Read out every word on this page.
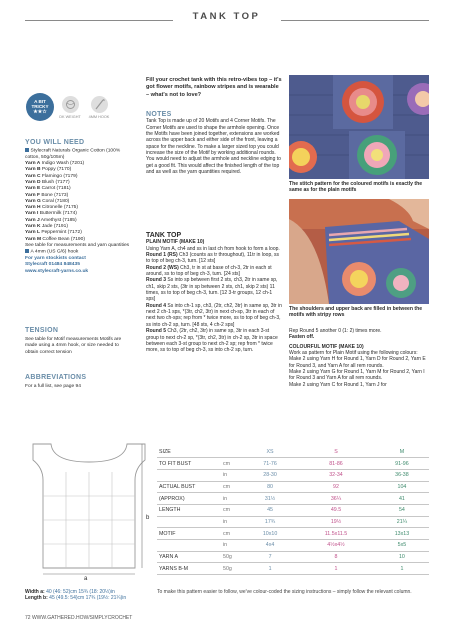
TANK TOP
A BIT
TRICKY
★★☆
DK WEIGHT	4MM HOOK
YOU WILL NEED
Stylecraft Naturals Organic Cotton (100% cotton, 50g/105m)
Yarn A Indigo Wash (7201)
Yarn B Poppy (7170)
Yarn C Flamingo (7179)
Yarn D Blush (7177)
Yarn E Carrot (7181)
Yarn F Bone (7173)
Yarn G Coral (7180)
Yarn H Citronelle (7175)
Yarn I Buttermilk (7174)
Yarn J Amethyst (7185)
Yarn K Jade (7191)
Yarn L Peppermint (7172)
Yarn M Coffee Bean (7190)
See table for measurements and yarn quantities
A 4mm (US G/6) hook
For yarn stockists contact
Stylecraft 01484 848435
www.stylecraft-yarns.co.uk
TENSION
See table for Motif measurements Motifs are made using a 4mm hook, or size needed to obtain correct tension
ABBREVIATIONS
For a full list, see page 94
a
b
Width a: 40 (46: 52)cm 15¾ (18: 20½)in
Length b: 45 (49.5: 54)cm 17¾ (19½: 21¼)in
Fill your crochet tank with this retro-vibes top – it's got flower motifs, rainbow stripes and is wearable – what's not to love?
NOTES
Tank Top is made up of 20 Motifs and 4 Corner Motifs. The Corner Motifs are used to shape the armhole opening. Once the Motifs have been joined together, extensions are worked across the upper back and either side of the front, leaving a space for the neckline. To make a larger sized top you could increase the size of the Motif by working additional rounds. You would need to adjust the armhole and neckline edging to get a good fit. This would affect the finished length of the top and as well as the yarn quantities required.
TANK TOP
PLAIN MOTIF (MAKE 10)
Using Yarn A, ch4 and ss in last ch from hook to form a loop.
Round 1 (RS) Ch3 (counts as tr throughout), 11tr in loop, ss to top of beg ch-3, turn. [12 sts]
Round 2 (WS) Ch3, tr in st at base of ch-3, 2tr in each st around, ss to top of beg ch-3, turn. [24 sts]
Round 3 Ss into sp between first 2 sts, ch3, 2tr in same sp, ch1, skip 2 sts, (3tr in sp between 2 sts, ch1, skip 2 sts) 11 times, ss to top of beg ch-3, turn. [12 3-tr groups, 12 ch-1 sps]
Round 4 Ss into ch-1 sp, ch3, (2tr, ch2, 3tr) in same sp, 3tr in next 2 ch-1 sps, *(3tr, ch2, 3tr) in next ch-sp, 3tr in each of next two ch-sps; rep from * twice more, ss to top of beg ch-3, ss into ch-2 sp, turn. [48 sts, 4 ch-2 sps]
Round 5 Ch3, (2tr, ch2, 3tr) in same sp, 3tr in each 3-st group to next ch-2 sp, *(3tr, ch2, 3tr) in ch-2 sp, 3tr in space between each 3-st group to next ch-2 sp; rep from * twice more, ss to top of beg ch-3, ss into ch-2 sp, turn.
The stitch pattern for the coloured motifs is exactly the same as for the plain motifs
The shoulders and upper back are filled in between the motifs with stripy rows
Rep Round 5 another 0 (1: 2) times more.
Fasten off.
COLOURFUL MOTIF (MAKE 10)
Work as pattern for Plain Motif using the following colours:
Make 2 using Yarn H for Round 1, Yarn D for Round 2, Yarn E for Round 3, and Yarn A for all rem rounds.
Make 2 using Yarn G for Round 1, Yarn M for Round 2, Yarn I for Round 3 and Yarn A for all rem rounds.
Make 2 using Yarn C for Round 1, Yarn J for
SIZE		XS	S	M
TO FIT BUST	cm	71-76	81-86	91-96
	in	28-30	32-34	36-38
ACTUAL BUST	cm	80	92	104
(APPROX)	in	31½	36¼	41
LENGTH	cm	45	49.5	54
	in	17¾	19½	21¼
MOTIF	cm	10x10	11.5x11.5	13x13
	in	4x4	4½x4½	5x5
YARN A	50g	7	8	10
YARNS B-M	50g	1	1	1
To make this pattern easier to follow, we've colour-coded the sizing instructions – simply follow the relevant column.
72 WWW.GATHERED.HOW/SIMPLYCROCHET
